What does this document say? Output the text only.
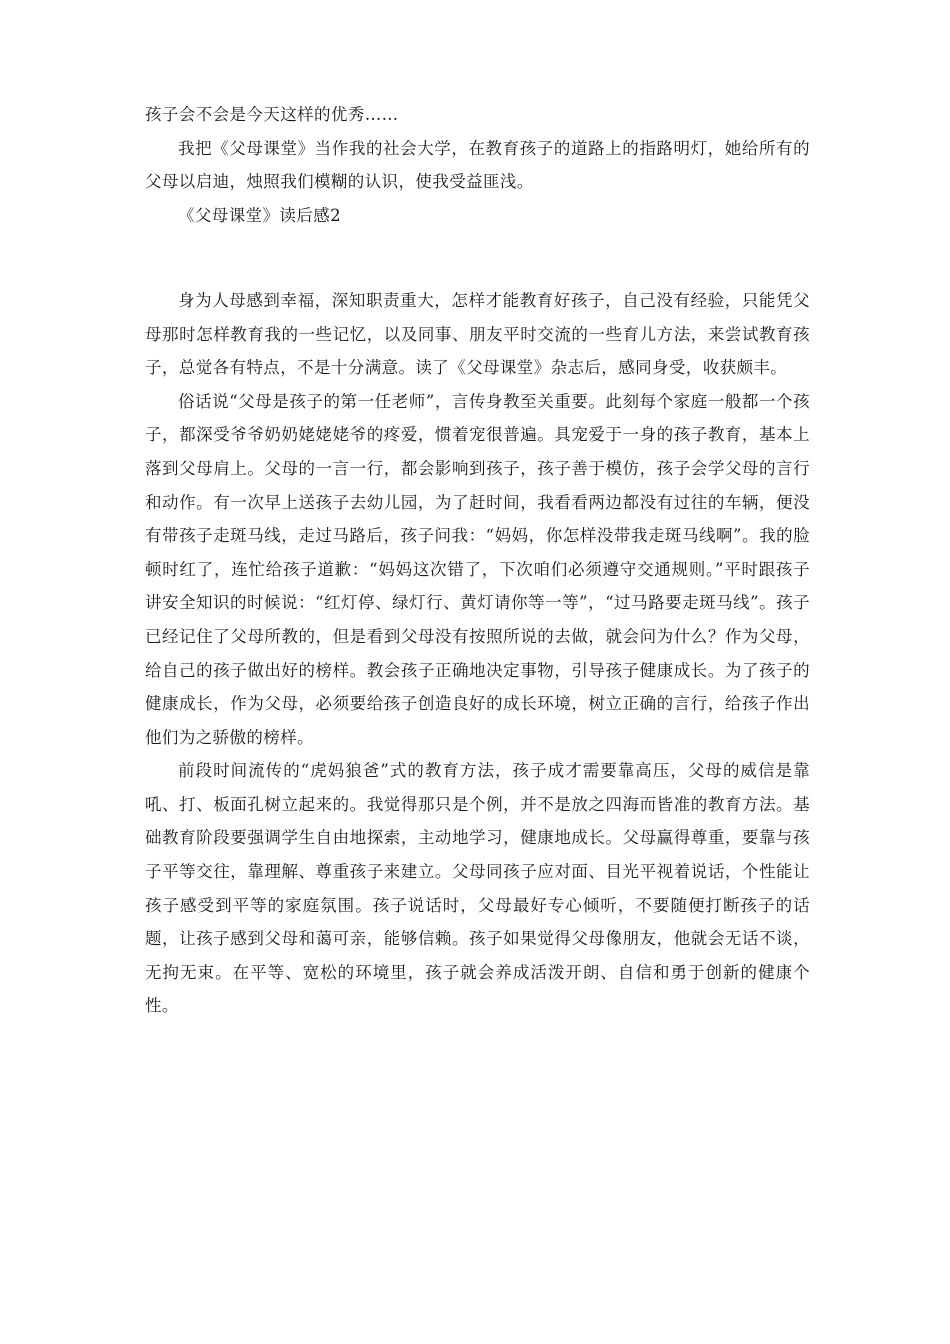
孩子会不会是今天这样的优秀……

我把《父母课堂》当作我的社会大学，在教育孩子的道路上的指路明灯，她给所有的父母以启迪，烛照我们模糊的认识，使我受益匪浅。

《父母课堂》读后感2

身为人母感到幸福，深知职责重大，怎样才能教育好孩子，自己没有经验，只能凭父母那时怎样教育我的一些记忆，以及同事、朋友平时交流的一些育儿方法，来尝试教育孩子，总觉各有特点，不是十分满意。读了《父母课堂》杂志后，感同身受，收获颇丰。

俗话说“父母是孩子的第一任老师”，言传身教至关重要。此刻每个家庭一般都一个孩子，都深受爷爷奶奶姥姥姥爷的疼爱，惯着宠很普遍。具宠爱于一身的孩子教育，基本上落到父母肩上。父母的一言一行，都会影响到孩子，孩子善于模仿，孩子会学父母的言行和动作。有一次早上送孩子去幼儿园，为了赶时间，我看看两边都没有过往的车辆，便没有带孩子走斑马线，走过马路后，孩子问我：“妈妈，你怎样没带我走斑马线啊”。我的脸顿时红了，连忙给孩子道歉：“妈妈这次错了，下次咱们必须遵守交通规则。”平时跟孩子讲安全知识的时候说：“红灯停、绿灯行、黄灯请你等一等”，“过马路要走斑马线”。孩子已经记住了父母所教的，但是看到父母没有按照所说的去做，就会问为什么？作为父母，给自己的孩子做出好的榜样。教会孩子正确地决定事物，引导孩子健康成长。为了孩子的健康成长，作为父母，必须要给孩子创造良好的成长环境，树立正确的言行，给孩子作出他们为之骄傲的榜样。

前段时间流传的“虎妈狼爸”式的教育方法，孩子成才需要靠高压，父母的威信是靠吼、打、板面孔树立起来的。我觉得那只是个例，并不是放之四海而皆准的教育方法。基础教育阶段要强调学生自由地探索，主动地学习，健康地成长。父母赢得尊重，要靠与孩子平等交往，靠理解、尊重孩子来建立。父母同孩子应对面、目光平视着说话，个性能让孩子感受到平等的家庭氛围。孩子说话时，父母最好专心倾听，不要随便打断孩子的话题，让孩子感到父母和蔼可亲，能够信赖。孩子如果觉得父母像朋友，他就会无话不谈，无拘无束。在平等、宽松的环境里，孩子就会养成活泼开朗、自信和勇于创新的健康个性。
